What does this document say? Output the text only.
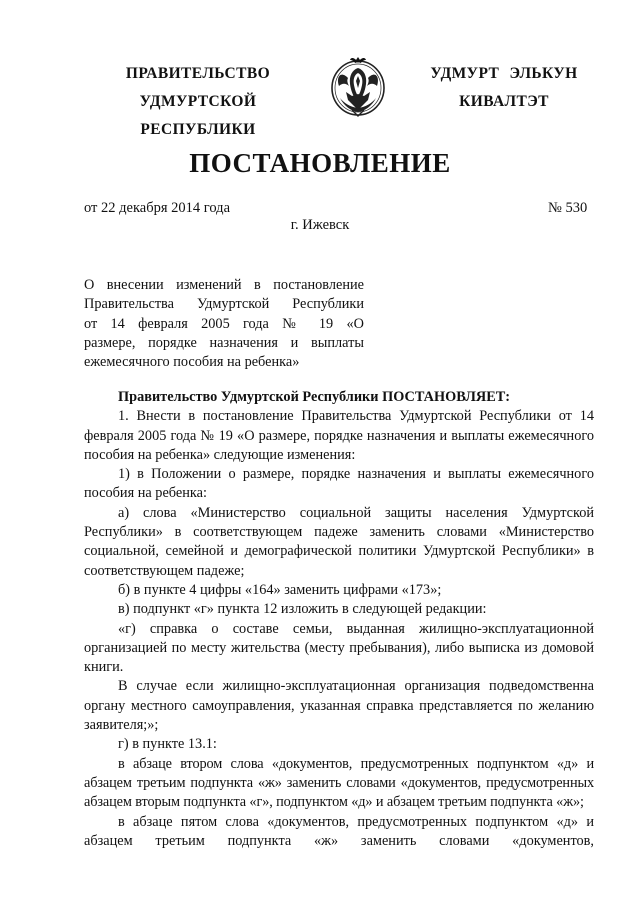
ПРАВИТЕЛЬСТВО
УДМУРТСКОЙ РЕСПУБЛИКИ
УДМУРТ ЭЛЬКУН
КИВАЛТЭТ
ПОСТАНОВЛЕНИЕ
от 22 декабря 2014 года	№ 530
г. Ижевск
О внесении изменений в постановление
Правительства Удмуртской Республики
от 14 февраля 2005 года № 19 «О
размере, порядке назначения и выплаты
ежемесячного пособия на ребенка»

Правительство Удмуртской Республики ПОСТАНОВЛЯЕТ:

1. Внести в постановление Правительства Удмуртской Республики от 14 февраля 2005 года № 19 «О размере, порядке назначения и выплаты ежемесячного пособия на ребенка» следующие изменения:

1) в Положении о размере, порядке назначения и выплаты ежемесячного пособия на ребенка:

а) слова «Министерство социальной защиты населения Удмуртской Республики» в соответствующем падеже заменить словами «Министерство социальной, семейной и демографической политики Удмуртской Республики» в соответствующем падеже;

б) в пункте 4 цифры «164» заменить цифрами «173»;

в) подпункт «г» пункта 12 изложить в следующей редакции:

«г) справка о составе семьи, выданная жилищно-эксплуатационной организацией по месту жительства (месту пребывания), либо выписка из домовой книги.

В случае если жилищно-эксплуатационная организация подведомственна органу местного самоуправления, указанная справка представляется по желанию заявителя;»;

г) в пункте 13.1:

в абзаце втором слова «документов, предусмотренных подпунктом «д» и абзацем третьим подпункта «ж» заменить словами «документов, предусмотренных абзацем вторым подпункта «г», подпунктом «д» и абзацем третьим подпункта «ж»;

в абзаце пятом слова «документов, предусмотренных подпунктом «д» и абзацем третьим подпункта «ж» заменить словами «документов,
